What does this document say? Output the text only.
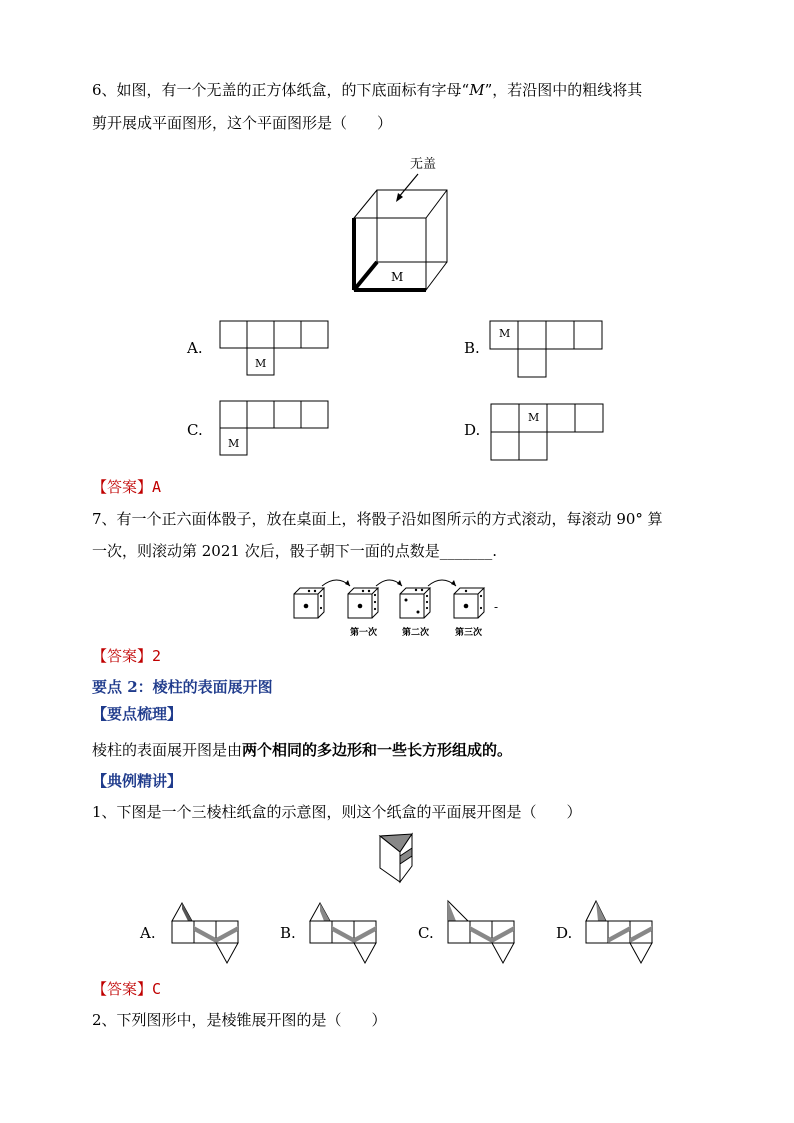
6、如图，有一个无盖的正方体纸盒，的下底面标有字母“M”，若沿图中的粗线将其
剪开展成平面图形，这个平面图形是（　　）
无盖
M
A.
M
B.
M
C.
M
D.
M
【答案】A
7、有一个正六面体骰子，放在桌面上，将骰子沿如图所示的方式滚动，每滚动 90° 算
一次，则滚动第 2021 次后，骰子朝下一面的点数是_______.
-
第一次	第二次	第三次
【答案】2
要点 2：棱柱的表面展开图
【要点梳理】
棱柱的表面展开图是由两个相同的多边形和一些长方形组成的。
【典例精讲】
1、下图是一个三棱柱纸盒的示意图，则这个纸盒的平面展开图是（　　）
A.	B.	C.	D.
【答案】C
2、下列图形中，是棱锥展开图的是（　　）
